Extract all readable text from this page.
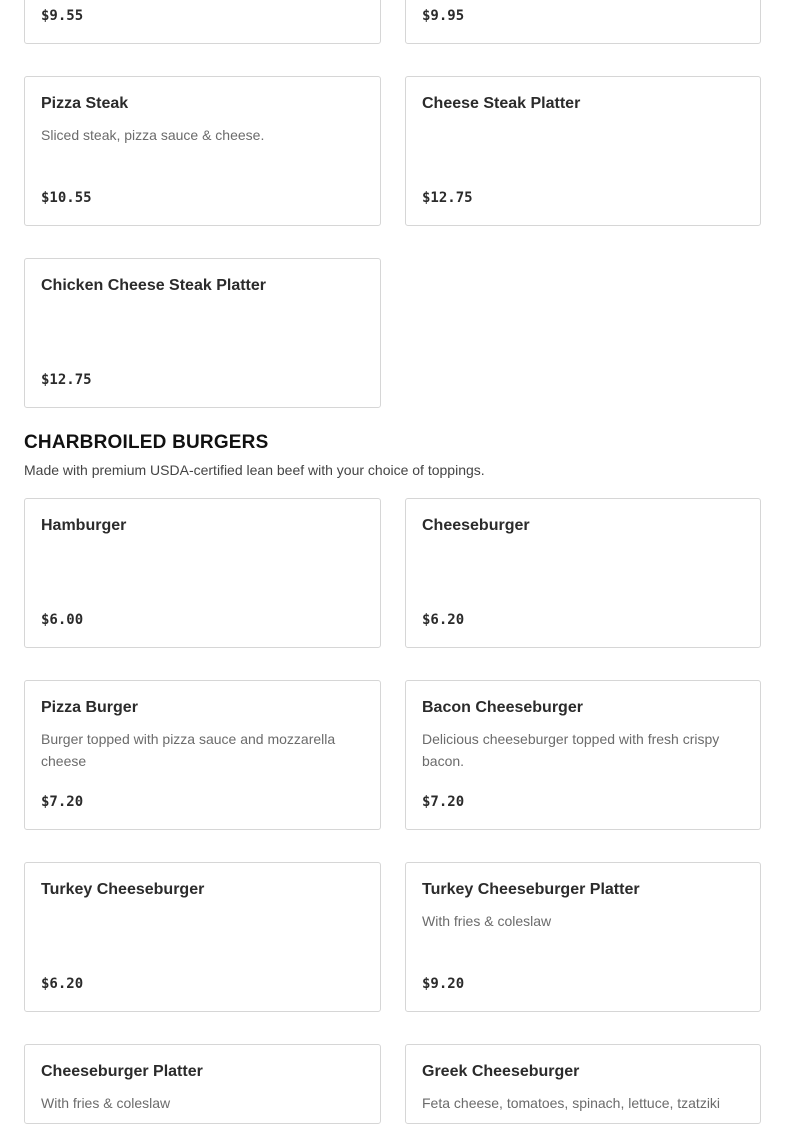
$9.55	$9.95
Pizza Steak
Sliced steak, pizza sauce & cheese.
$10.55
Cheese Steak Platter
$12.75
Chicken Cheese Steak Platter
$12.75
CHARBROILED BURGERS
Made with premium USDA-certified lean beef with your choice of toppings.
Hamburger
$6.00
Cheeseburger
$6.20
Pizza Burger
Burger topped with pizza sauce and mozzarella cheese
$7.20
Bacon Cheeseburger
Delicious cheeseburger topped with fresh crispy bacon.
$7.20
Turkey Cheeseburger
$6.20
Turkey Cheeseburger Platter
With fries & coleslaw
$9.20
Cheeseburger Platter
With fries & coleslaw
Greek Cheeseburger
Feta cheese, tomatoes, spinach, lettuce, tzatziki
